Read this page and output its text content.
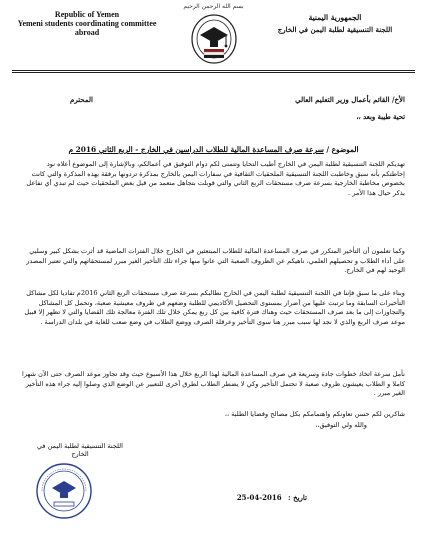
بسم الله الرحمن الرحيم
Republic of Yemen
Yemeni students coordinating committee
abroad
الجمهورية اليمنية
اللجنة التنسيقية لطلبة اليمن في الخارج
الأخ/ القائم بأعمال وزير التعليم العالي
المحترم
تحية طيبة وبعد ،،
الموضوع / سرعة صرف المساعدة المالية للطلاب الدراسين في الخارج - الربع الثاني 2016 م
تهديكم اللجنة التنسيقية لطلبة اليمن في الخارج أطيب التحايا وتتمنى لكم دوام التوفيق في أعمالكم، وبالإشارة إلى الموضوع أعلاه نود إحاطتكم بأنه سبق وخاطبت اللجنة التنسيقية الملحقيات الثقافية في سفارات اليمن بالخارج بمذكرة تردونها برفقة بهذه المذكرة والتي كانت بخصوص مخاطبة الخارجية بسرعة صرف مستحقات الربع الثاني والتي قوبلت بتجاهل متعمد من قبل بعض الملحقيات حيث لم تبدي أي تفاعل يذكر حيال هذا الأمر .
وكما تعلمون أن التأخير المتكرر في صرف المساعدة المالية للطلاب المبتعثين في الخارج خلال الفترات الماضية قد أثرت بشكل كبير وسلبي على أداء الطلاب و تحصيلهم العلمي، ناهيكم عن الظروف الصعبة التي عانوا منها جراء تلك التأخير الغير مبرر لمستحقاتهم والتي تعتبر المصدر الوحيد لهم في الخارج.
وبناء على ما سبق فإننا في اللجنة التنسيقية لطلبة اليمن في الخارج نطالبكم بسرعة صرف مستحقات الربع الثاني 2016م تفاديا لكل مشاكل التأخيرات السابقة وما ترتبت عليها من أضرار بمستوى التحصيل الأكاديمي للطلبة وضعهم في ظروف معيشية صعبة، وتحمل كل المشاكل والتجاوزات إلى ما بعد صرف المستحقات حيث وهناك فترة كافية بين كل ربع يمكن خلال تلك الفترة معالجة تلك القضايا والتي لا تظهر إلا قبيل موعد صرف الربع والذي لا نجد لها سبب مبرر هنا سوى التأخير وعرقلة الصرف ووضع الطلاب في وضع صعب للغاية في بلدان الدراسة .
نأمل سرعة اتخاذ خطوات جادة وسريعة في صرف المساعدة المالية لهذا الربع خلال هذا الأسبوع حيث وقد تجاوز موعد الصرف حتى الآن شهرا كاملا و الطلاب يعيشون ظروف صعبة لا تحتمل التأخير وكي لا يضطر الطلاب لطرق أخرى للتعبير عن الوضع الذي وصلوا إليه جراء هذه التأخير الغير مبرر .
شاكرين لكم حسن تعاونكم واهتمامكم بكل مصالح وقضايا الطلبة ،،
والله ولي التوفيق،،
اللجنة التنسيقية لطلبة اليمن في الخارج
تاريخ : 2016-04-25
